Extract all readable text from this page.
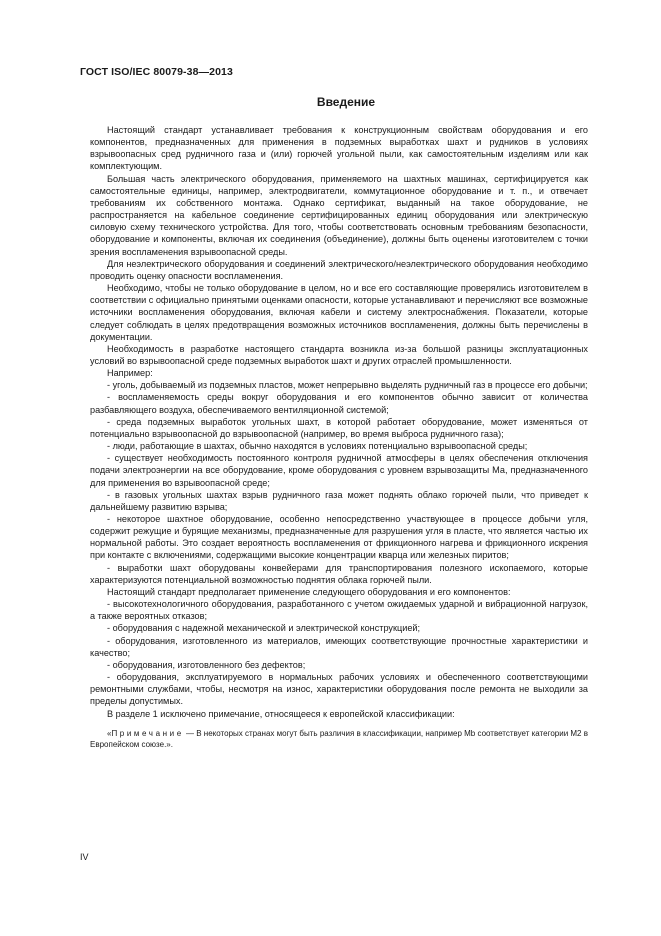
ГОСТ ISO/IEC 80079-38—2013
Введение

Настоящий стандарт устанавливает требования к конструкционным свойствам оборудования и его компонентов, предназначенных для применения в подземных выработках шахт и рудников в условиях взрывоопасных сред рудничного газа и (или) горючей угольной пыли, как самостоятельным изделиям или как комплектующим.

Большая часть электрического оборудования, применяемого на шахтных машинах, сертифицируется как самостоятельные единицы, например, электродвигатели, коммутационное оборудование и т. п., и отвечает требованиям их собственного монтажа. Однако сертификат, выданный на такое оборудование, не распространяется на кабельное соединение сертифицированных единиц оборудования или электрическую силовую схему технического устройства. Для того, чтобы соответствовать основным требованиям безопасности, оборудование и компоненты, включая их соединения (объединение), должны быть оценены изготовителем с точки зрения воспламенения взрывоопасной среды.

Для неэлектрического оборудования и соединений электрического/неэлектрического оборудования необходимо проводить оценку опасности воспламенения.

Необходимо, чтобы не только оборудование в целом, но и все его составляющие проверялись изготовителем в соответствии с официально принятыми оценками опасности, которые устанавливают и перечисляют все возможные источники воспламенения оборудования, включая кабели и систему электроснабжения. Показатели, которые следует соблюдать в целях предотвращения возможных источников воспламенения, должны быть перечислены в документации.

Необходимость в разработке настоящего стандарта возникла из-за большой разницы эксплуатационных условий во взрывоопасной среде подземных выработок шахт и других отраслей промышленности.

Например:

- уголь, добываемый из подземных пластов, может непрерывно выделять рудничный газ в процессе его добычи;

- воспламеняемость среды вокруг оборудования и его компонентов обычно зависит от количества разбавляющего воздуха, обеспечиваемого вентиляционной системой;

- среда подземных выработок угольных шахт, в которой работает оборудование, может изменяться от потенциально взрывоопасной до взрывоопасной (например, во время выброса рудничного газа);

- люди, работающие в шахтах, обычно находятся в условиях потенциально взрывоопасной среды;

- существует необходимость постоянного контроля рудничной атмосферы в целях обеспечения отключения подачи электроэнергии на все оборудование, кроме оборудования с уровнем взрывозащиты Ма, предназначенного для применения во взрывоопасной среде;

- в газовых угольных шахтах взрыв рудничного газа может поднять облако горючей пыли, что приведет к дальнейшему развитию взрыва;

- некоторое шахтное оборудование, особенно непосредственно участвующее в процессе добычи угля, содержит режущие и бурящие механизмы, предназначенные для разрушения угля в пласте, что является частью их нормальной работы. Это создает вероятность воспламенения от фрикционного нагрева и фрикционного искрения при контакте с включениями, содержащими высокие концентрации кварца или железных пиритов;

- выработки шахт оборудованы конвейерами для транспортирования полезного ископаемого, которые характеризуются потенциальной возможностью поднятия облака горючей пыли.

Настоящий стандарт предполагает применение следующего оборудования и его компонентов:

- высокотехнологичного оборудования, разработанного с учетом ожидаемых ударной и вибрационной нагрузок, а также вероятных отказов;

- оборудования с надежной механической и электрической конструкцией;

- оборудования, изготовленного из материалов, имеющих соответствующие прочностные характеристики и качество;

- оборудования, изготовленного без дефектов;

- оборудования, эксплуатируемого в нормальных рабочих условиях и обеспеченного соответствующими ремонтными службами, чтобы, несмотря на износ, характеристики оборудования после ремонта не выходили за пределы допустимых.

В разделе 1 исключено примечание, относящееся к европейской классификации:

«Примечание — В некоторых странах могут быть различия в классификации, например Mb соответствует категории М2 в Европейском союзе.».

IV
